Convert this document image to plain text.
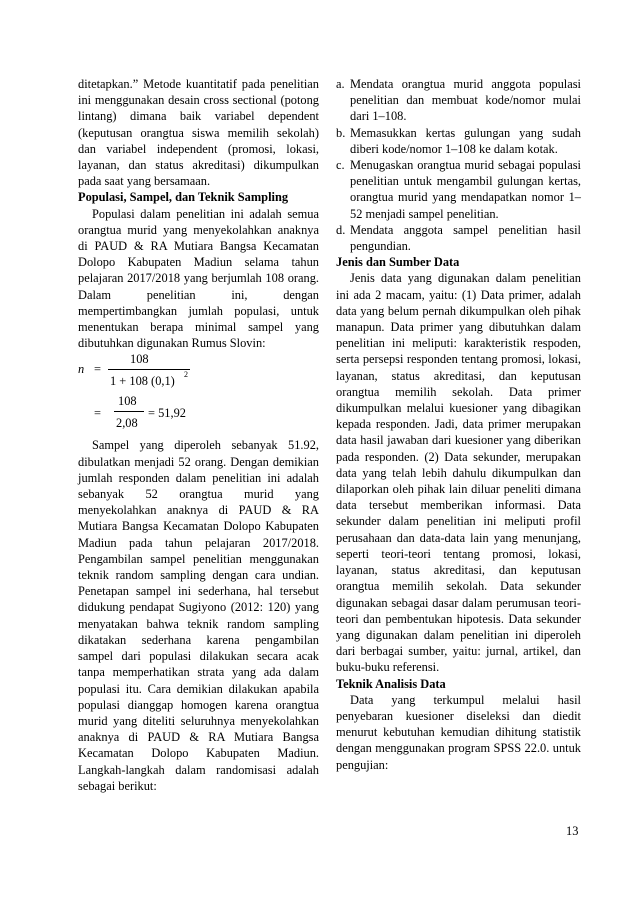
ditetapkan.” Metode kuantitatif pada penelitian ini menggunakan desain cross sectional (potong lintang) dimana baik variabel dependent (keputusan orangtua siswa memilih sekolah) dan variabel independent (promosi, lokasi, layanan, dan status akreditasi) dikumpulkan pada saat yang bersamaan.

Populasi, Sampel, dan Teknik Sampling

Populasi dalam penelitian ini adalah semua orangtua murid yang menyekolahkan anaknya di PAUD & RA Mutiara Bangsa Kecamatan Dolopo Kabupaten Madiun selama tahun pelajaran 2017/2018 yang berjumlah 108 orang. Dalam penelitian ini, dengan mempertimbangkan jumlah populasi, untuk menentukan berapa minimal sampel yang dibutuhkan digunakan Rumus Slovin:

n =
108
1 + 108 (0,1) 2
=
108
2,08
= 51,92

Sampel yang diperoleh sebanyak 51.92, dibulatkan menjadi 52 orang. Dengan demikian jumlah responden dalam penelitian ini adalah sebanyak 52 orangtua murid yang menyekolahkan anaknya di PAUD & RA Mutiara Bangsa Kecamatan Dolopo Kabupaten Madiun pada tahun pelajaran 2017/2018. Pengambilan sampel penelitian menggunakan teknik random sampling dengan cara undian. Penetapan sampel ini sederhana, hal tersebut didukung pendapat Sugiyono (2012: 120) yang menyatakan bahwa teknik random sampling dikatakan sederhana karena pengambilan sampel dari populasi dilakukan secara acak tanpa memperhatikan strata yang ada dalam populasi itu. Cara demikian dilakukan apabila populasi dianggap homogen karena orangtua murid yang diteliti seluruhnya menyekolahkan anaknya di PAUD & RA Mutiara Bangsa Kecamatan Dolopo Kabupaten Madiun. Langkah-langkah dalam randomisasi adalah sebagai berikut:

a. Mendata orangtua murid anggota populasi penelitian dan membuat kode/nomor mulai dari 1–108.
b. Memasukkan kertas gulungan yang sudah diberi kode/nomor 1–108 ke dalam kotak.
c. Menugaskan orangtua murid sebagai populasi penelitian untuk mengambil gulungan kertas, orangtua murid yang mendapatkan nomor 1–52 menjadi sampel penelitian.
d. Mendata anggota sampel penelitian hasil pengundian.
Jenis dan Sumber Data

Jenis data yang digunakan dalam penelitian ini ada 2 macam, yaitu: (1) Data primer, adalah data yang belum pernah dikumpulkan oleh pihak manapun. Data primer yang dibutuhkan dalam penelitian ini meliputi: karakteristik respoden, serta persepsi responden tentang promosi, lokasi, layanan, status akreditasi, dan keputusan orangtua memilih sekolah. Data primer dikumpulkan melalui kuesioner yang dibagikan kepada responden. Jadi, data primer merupakan data hasil jawaban dari kuesioner yang diberikan pada responden. (2) Data sekunder, merupakan data yang telah lebih dahulu dikumpulkan dan dilaporkan oleh pihak lain diluar peneliti dimana data tersebut memberikan informasi. Data sekunder dalam penelitian ini meliputi profil perusahaan dan data-data lain yang menunjang, seperti teori-teori tentang promosi, lokasi, layanan, status akreditasi, dan keputusan orangtua memilih sekolah. Data sekunder digunakan sebagai dasar dalam perumusan teori-teori dan pembentukan hipotesis. Data sekunder yang digunakan dalam penelitian ini diperoleh dari berbagai sumber, yaitu: jurnal, artikel, dan buku-buku referensi.

Teknik Analisis Data

Data yang terkumpul melalui hasil penyebaran kuesioner diseleksi dan diedit menurut kebutuhan kemudian dihitung statistik dengan menggunakan program SPSS 22.0. untuk pengujian:

13
